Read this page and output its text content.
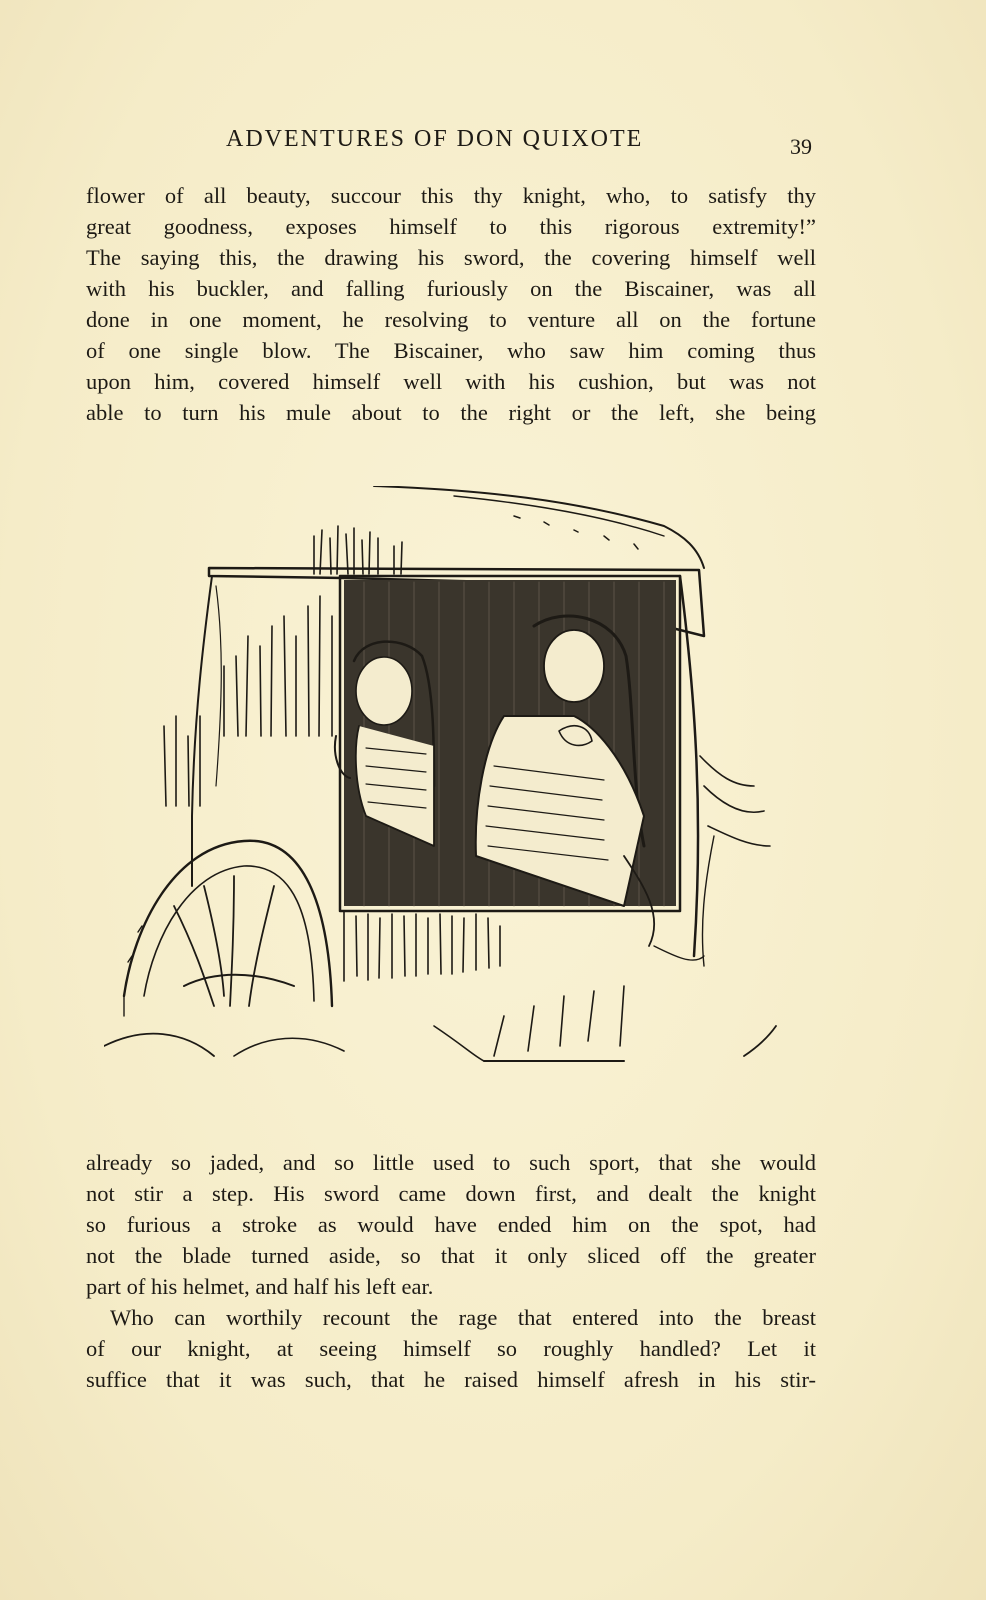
ADVENTURES OF DON QUIXOTE	39
flower of all beauty, succour this thy knight, who, to satisfy thy
great goodness, exposes himself to this rigorous extremity!”
The saying this, the drawing his sword, the covering himself well
with his buckler, and falling furiously on the Biscainer, was all
done in one moment, he resolving to venture all on the fortune
of one single blow. The Biscainer, who saw him coming thus
upon him, covered himself well with his cushion, but was not
able to turn his mule about to the right or the left, she being
already so jaded, and so little used to such sport, that she would
not stir a step. His sword came down first, and dealt the knight
so furious a stroke as would have ended him on the spot, had
not the blade turned aside, so that it only sliced off the greater
part of his helmet, and half his left ear.
Who can worthily recount the rage that entered into the breast
of our knight, at seeing himself so roughly handled? Let it
suffice that it was such, that he raised himself afresh in his stir-
